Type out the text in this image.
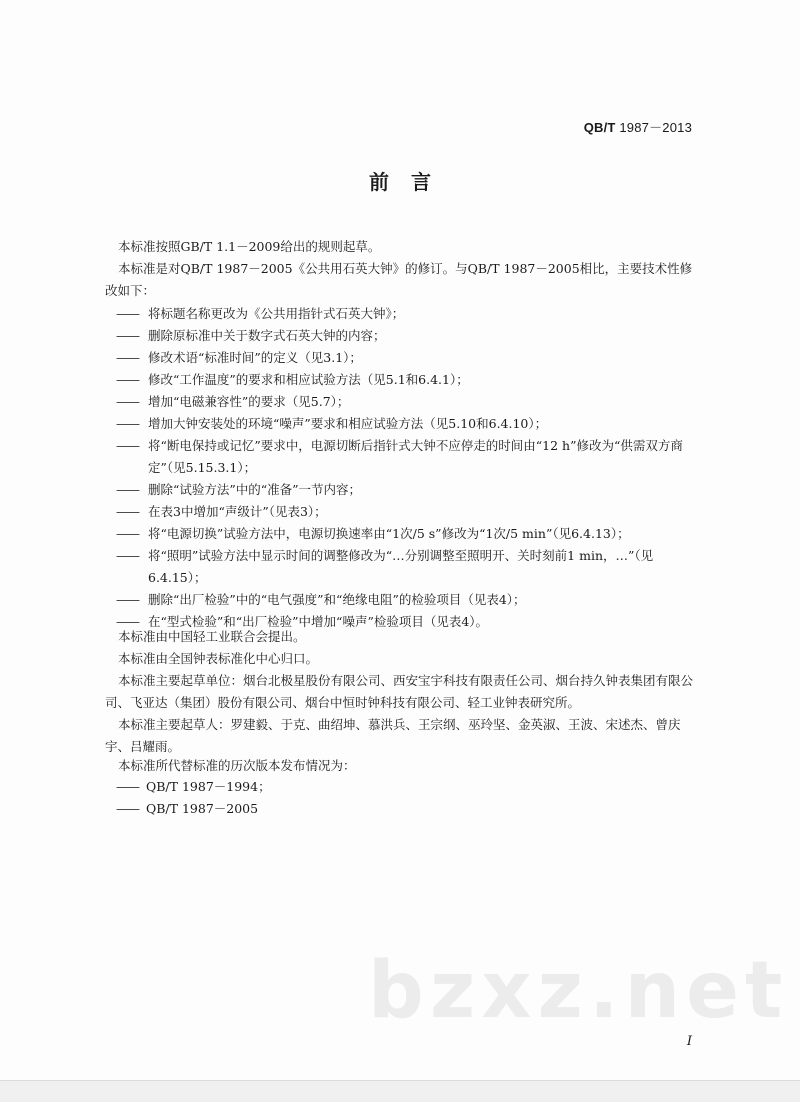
QB/T 1987－2013
前言
本标准按照GB/T 1.1－2009给出的规则起草。
本标准是对QB/T 1987－2005《公共用石英大钟》的修订。与QB/T 1987－2005相比，主要技术性修改如下：
—— 将标题名称更改为《公共用指针式石英大钟》；
—— 删除原标准中关于数字式石英大钟的内容；
—— 修改术语“标准时间”的定义（见3.1）；
—— 修改“工作温度”的要求和相应试验方法（见5.1和6.4.1）；
—— 增加“电磁兼容性”的要求（见5.7）；
—— 增加大钟安装处的环境“噪声”要求和相应试验方法（见5.10和6.4.10）；
—— 将“断电保持或记忆”要求中，电源切断后指针式大钟不应停走的时间由“12 h”修改为“供需双方商定”（见5.15.3.1）；
—— 删除“试验方法”中的“准备”一节内容；
—— 在表3中增加“声级计”（见表3）；
—— 将“电源切换”试验方法中，电源切换速率由“1次/5 s”修改为“1次/5 min”（见6.4.13）；
—— 将“照明”试验方法中显示时间的调整修改为“…分别调整至照明开、关时刻前1 min，…”（见6.4.15）；
—— 删除“出厂检验”中的“电气强度”和“绝缘电阻”的检验项目（见表4）；
—— 在“型式检验”和“出厂检验”中增加“噪声”检验项目（见表4）。
本标准由中国轻工业联合会提出。
本标准由全国钟表标准化中心归口。
本标准主要起草单位：烟台北极星股份有限公司、西安宝宇科技有限责任公司、烟台持久钟表集团有限公司、飞亚达（集团）股份有限公司、烟台中恒时钟科技有限公司、轻工业钟表研究所。
本标准主要起草人：罗建毅、于克、曲绍坤、慕洪兵、王宗纲、巫玲坚、金英淑、王波、宋述杰、曾庆宇、吕耀雨。
本标准所代替标准的历次版本发布情况为：
—— QB/T 1987－1994；
—— QB/T 1987－2005
bzxz.net
I
